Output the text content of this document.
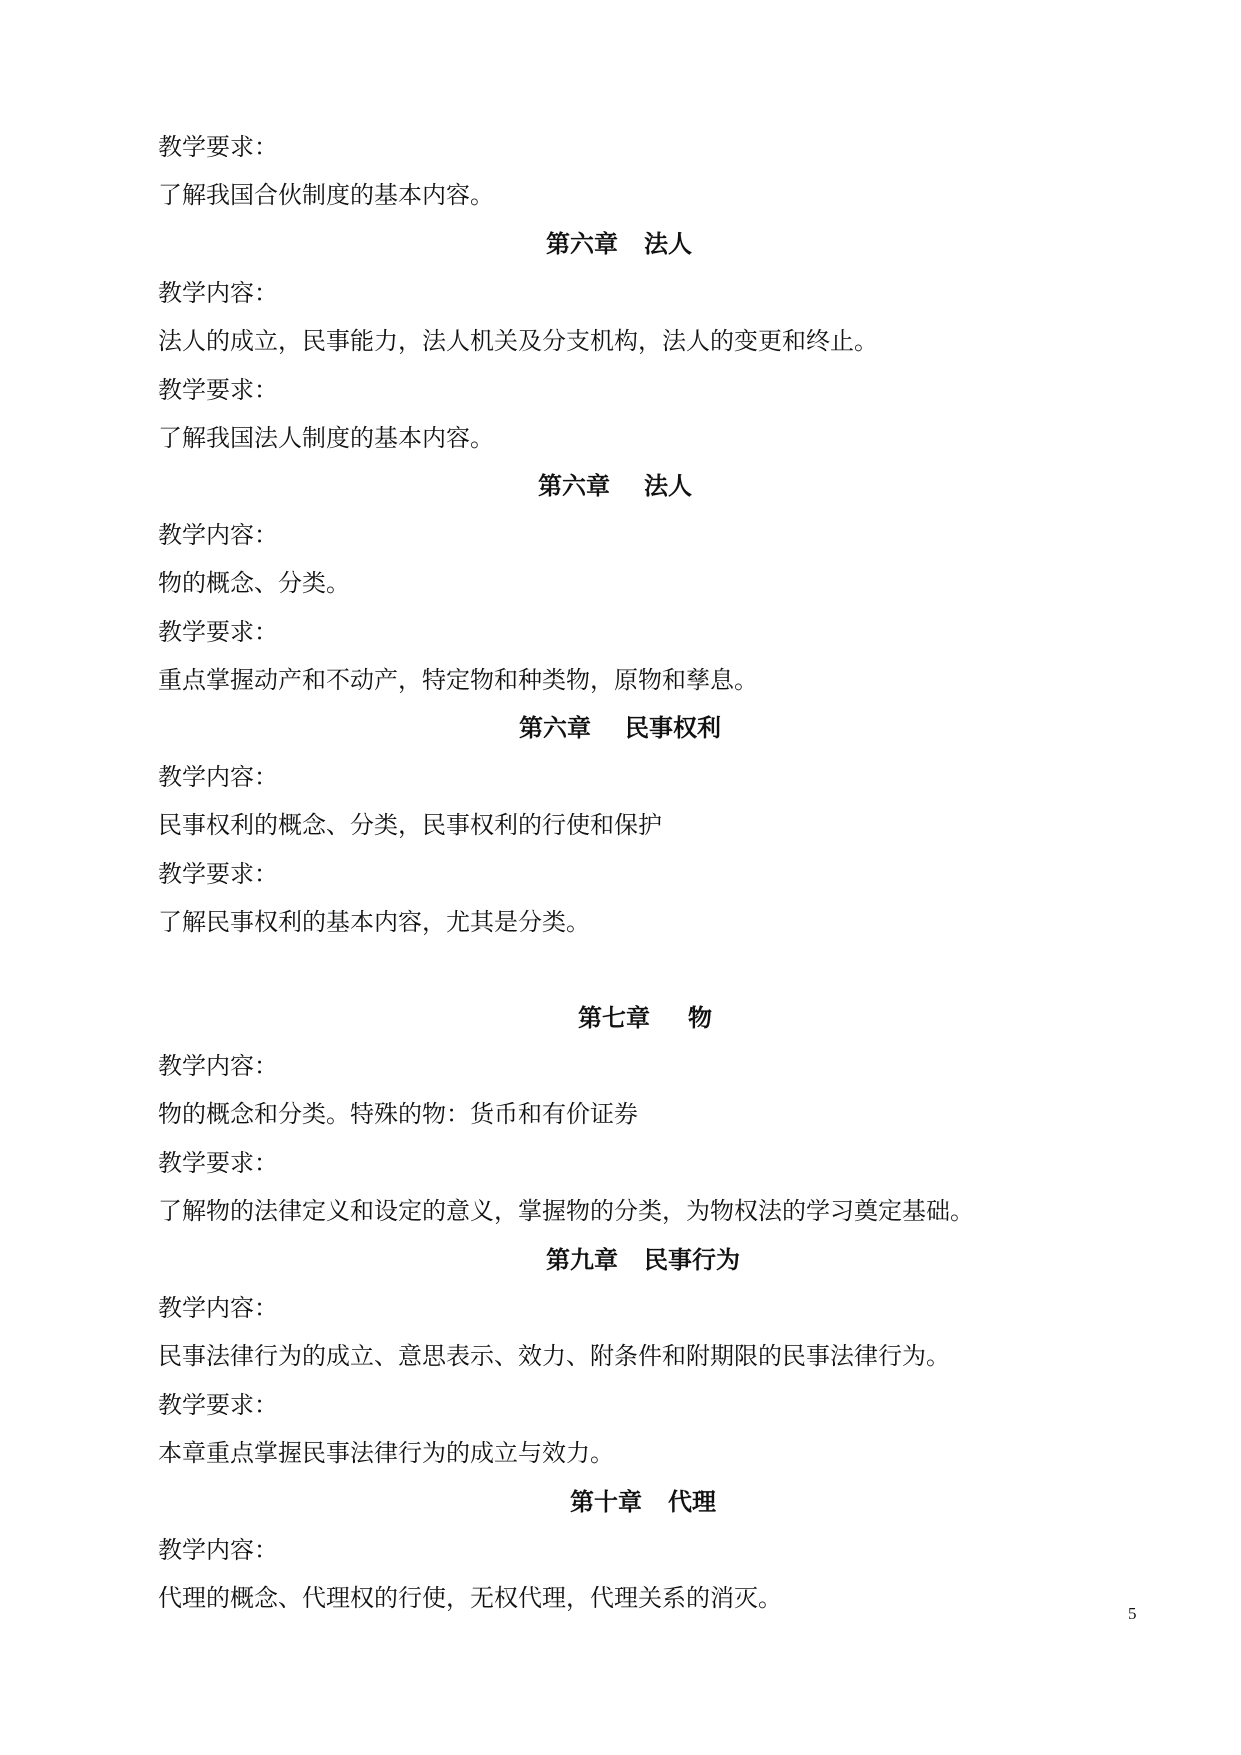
教学要求：
了解我国合伙制度的基本内容。
第六章 法人
教学内容：
法人的成立，民事能力，法人机关及分支机构，法人的变更和终止。
教学要求：
了解我国法人制度的基本内容。
第六章 法人
教学内容：
物的概念、分类。
教学要求：
重点掌握动产和不动产，特定物和种类物，原物和孳息。
第六章 民事权利
教学内容：
民事权利的概念、分类，民事权利的行使和保护
教学要求：
了解民事权利的基本内容，尤其是分类。
第七章 物
教学内容：
物的概念和分类。特殊的物：货币和有价证券
教学要求：
了解物的法律定义和设定的意义，掌握物的分类，为物权法的学习奠定基础。
第九章 民事行为
教学内容：
民事法律行为的成立、意思表示、效力、附条件和附期限的民事法律行为。
教学要求：
本章重点掌握民事法律行为的成立与效力。
第十章 代理
教学内容：
代理的概念、代理权的行使，无权代理，代理关系的消灭。
5
